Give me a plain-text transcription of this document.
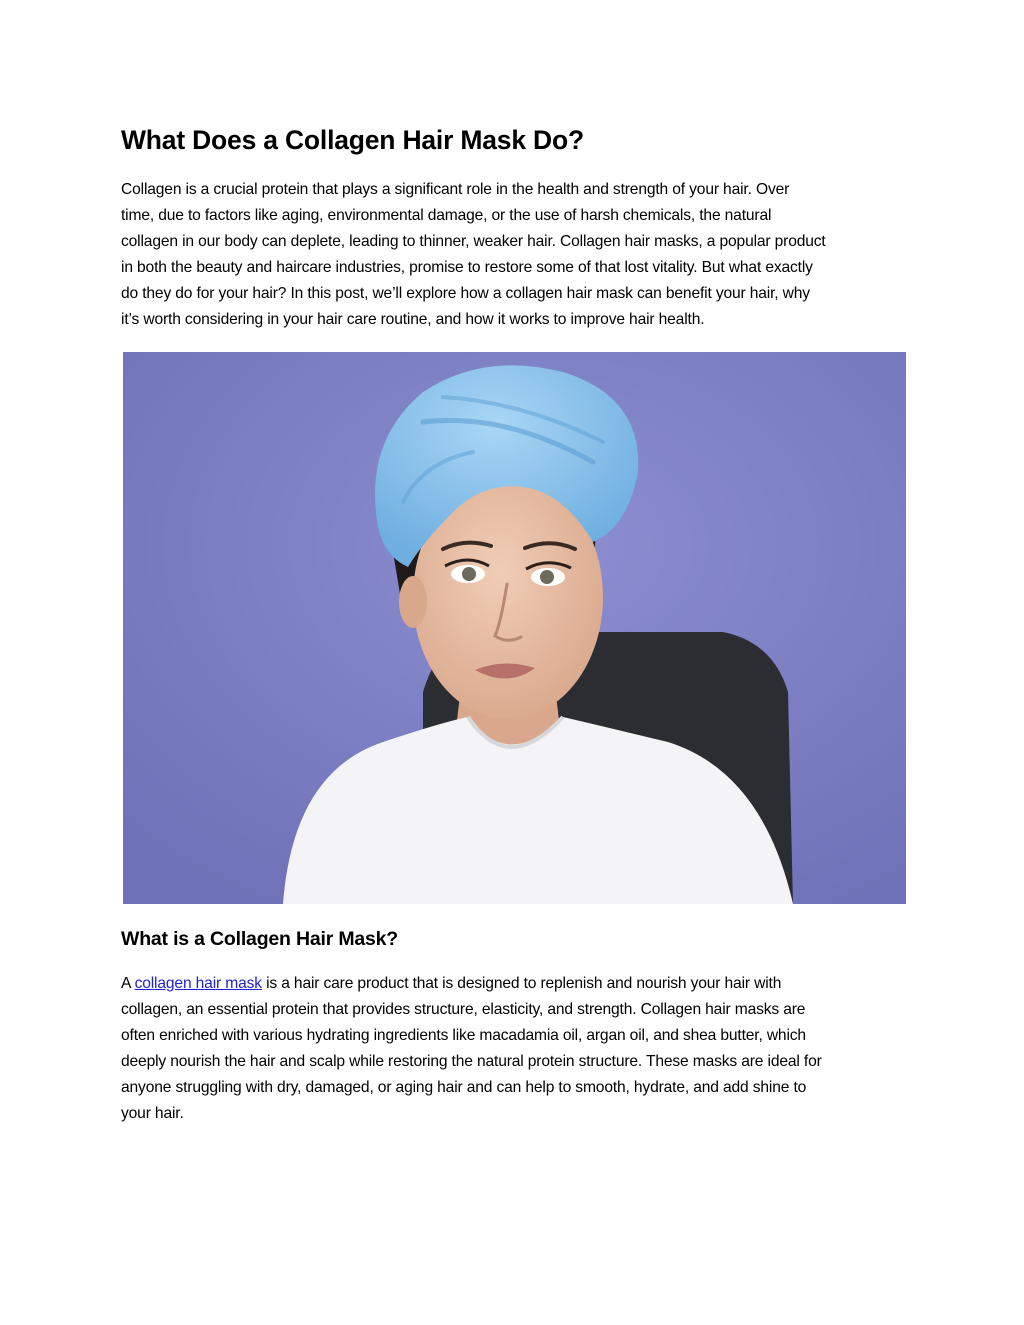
What Does a Collagen Hair Mask Do?

Collagen is a crucial protein that plays a significant role in the health and strength of your hair. Over
time, due to factors like aging, environmental damage, or the use of harsh chemicals, the natural
collagen in our body can deplete, leading to thinner, weaker hair. Collagen hair masks, a popular product
in both the beauty and haircare industries, promise to restore some of that lost vitality. But what exactly
do they do for your hair? In this post, we’ll explore how a collagen hair mask can benefit your hair, why
it’s worth considering in your hair care routine, and how it works to improve hair health.

What is a Collagen Hair Mask?

A collagen hair mask is a hair care product that is designed to replenish and nourish your hair with
collagen, an essential protein that provides structure, elasticity, and strength. Collagen hair masks are
often enriched with various hydrating ingredients like macadamia oil, argan oil, and shea butter, which
deeply nourish the hair and scalp while restoring the natural protein structure. These masks are ideal for
anyone struggling with dry, damaged, or aging hair and can help to smooth, hydrate, and add shine to
your hair.
